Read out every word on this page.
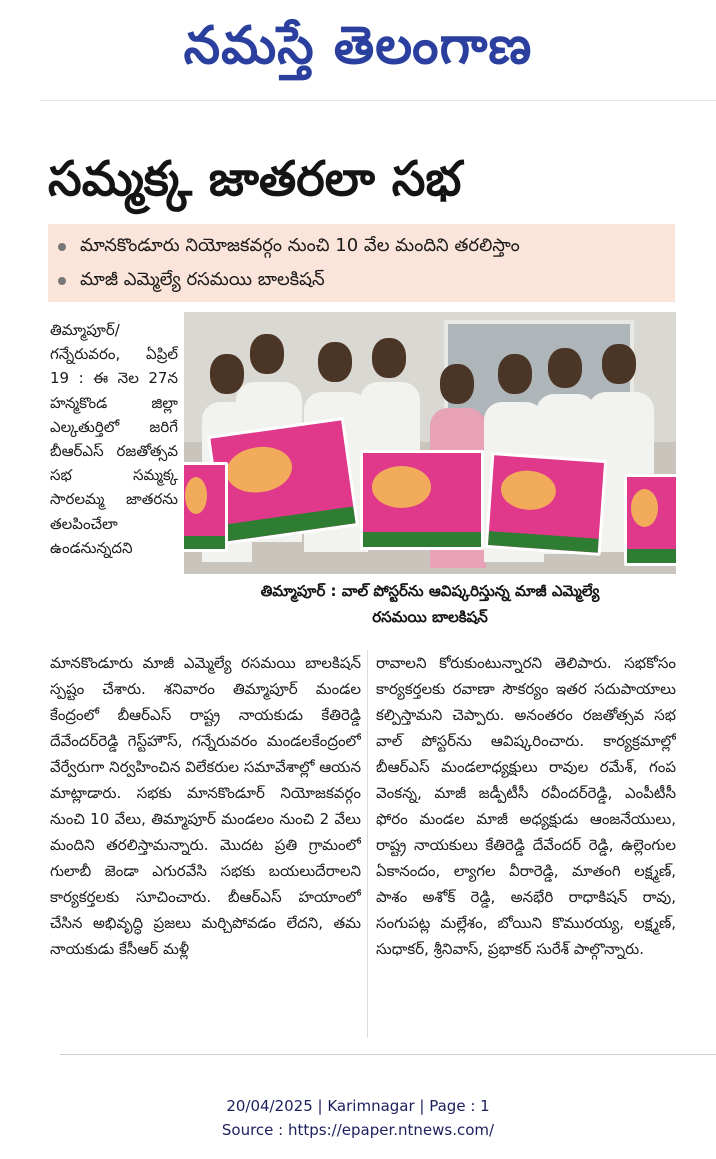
నమస్తే తెలంగాణ
సమ్మక్క జాతరలా సభ
మానకొండూరు నియోజకవర్గం నుంచి 10 వేల మందిని తరలిస్తాం
మాజీ ఎమ్మెల్యే రసమయి బాలకిషన్
తిమ్మాపూర్/ గన్నేరువరం, ఏప్రిల్ 19 : ఈ నెల 27న హన్మకొండ జిల్లా ఎల్కతుర్తిలో జరిగే బీఆర్ఎస్ రజతోత్సవ సభ సమ్మక్క సారలమ్మ జాతరను తలపించేలా ఉండనున్నదని
తిమ్మాపూర్ : వాల్ పోస్టర్‌ను ఆవిష్కరిస్తున్న మాజీ ఎమ్మెల్యే
రసమయి బాలకిషన్
మానకొండూరు మాజీ ఎమ్మెల్యే రసమయి బాలకిషన్ స్పష్టం చేశారు. శనివారం తిమ్మాపూర్ మండల కేంద్రంలో బీఆర్ఎస్ రాష్ట్ర నాయకుడు కేతిరెడ్డి దేవేందర్‌రెడ్డి గెస్ట్‌హౌస్, గన్నేరువరం మండలకేంద్రంలో వేర్వేరుగా నిర్వహించిన విలేకరుల సమావేశాల్లో ఆయన మాట్లాడారు. సభకు మానకొండూర్ నియోజకవర్గం నుంచి 10 వేలు, తిమ్మాపూర్ మండలం నుంచి 2 వేలు మందిని తరలిస్తామన్నారు. మొదట ప్రతి గ్రామంలో గులాబీ జెండా ఎగురవేసి సభకు బయలుదేరాలని కార్యకర్తలకు సూచించారు. బీఆర్ఎస్ హయాంలో చేసిన అభివృద్ధి ప్రజలు మర్చిపోవడం లేదని, తమ నాయకుడు కేసీఆర్ మళ్లీ
రావాలని కోరుకుంటున్నారని తెలిపారు. సభకోసం కార్యకర్తలకు రవాణా సౌకర్యం ఇతర సదుపాయాలు కల్పిస్తామని చెప్పారు. అనంతరం రజతోత్సవ సభ వాల్ పోస్టర్‌ను ఆవిష్కరించారు. కార్యక్రమాల్లో బీఆర్ఎస్ మండలాధ్యక్షులు రావుల రమేశ్, గంప వెంకన్న, మాజీ జడ్పీటీసీ రవీందర్‌రెడ్డి, ఎంపీటీసీ ఫోరం మండల మాజీ అధ్యక్షుడు ఆంజనేయులు, రాష్ట్ర నాయకులు కేతిరెడ్డి దేవేందర్ రెడ్డి, ఉల్లెంగుల ఏకానందం, ల్యాగల వీరారెడ్డి, మాతంగి లక్ష్మణ్, పాశం అశోక్ రెడ్డి, అనభేరి రాధాకిషన్ రావు, సంగుపట్ల మల్లేశం, బోయిని కొమురయ్య, లక్ష్మణ్, సుధాకర్, శ్రీనివాస్, ప్రభాకర్ సురేశ్ పాల్గొన్నారు.
20/04/2025 | Karimnagar | Page : 1
Source : https://epaper.ntnews.com/
